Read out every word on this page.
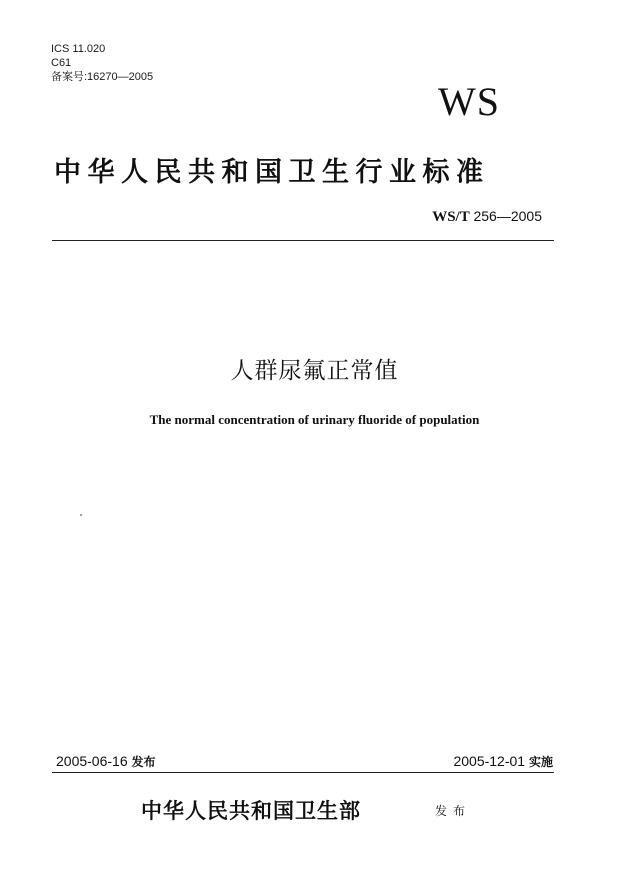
ICS 11.020
C61
备案号:16270—2005
WS
中华人民共和国卫生行业标准
WS/T 256—2005
人群尿氟正常值
The normal concentration of urinary fluoride of population
2005-06-16 发布	2005-12-01 实施
中华人民共和国卫生部	发布
